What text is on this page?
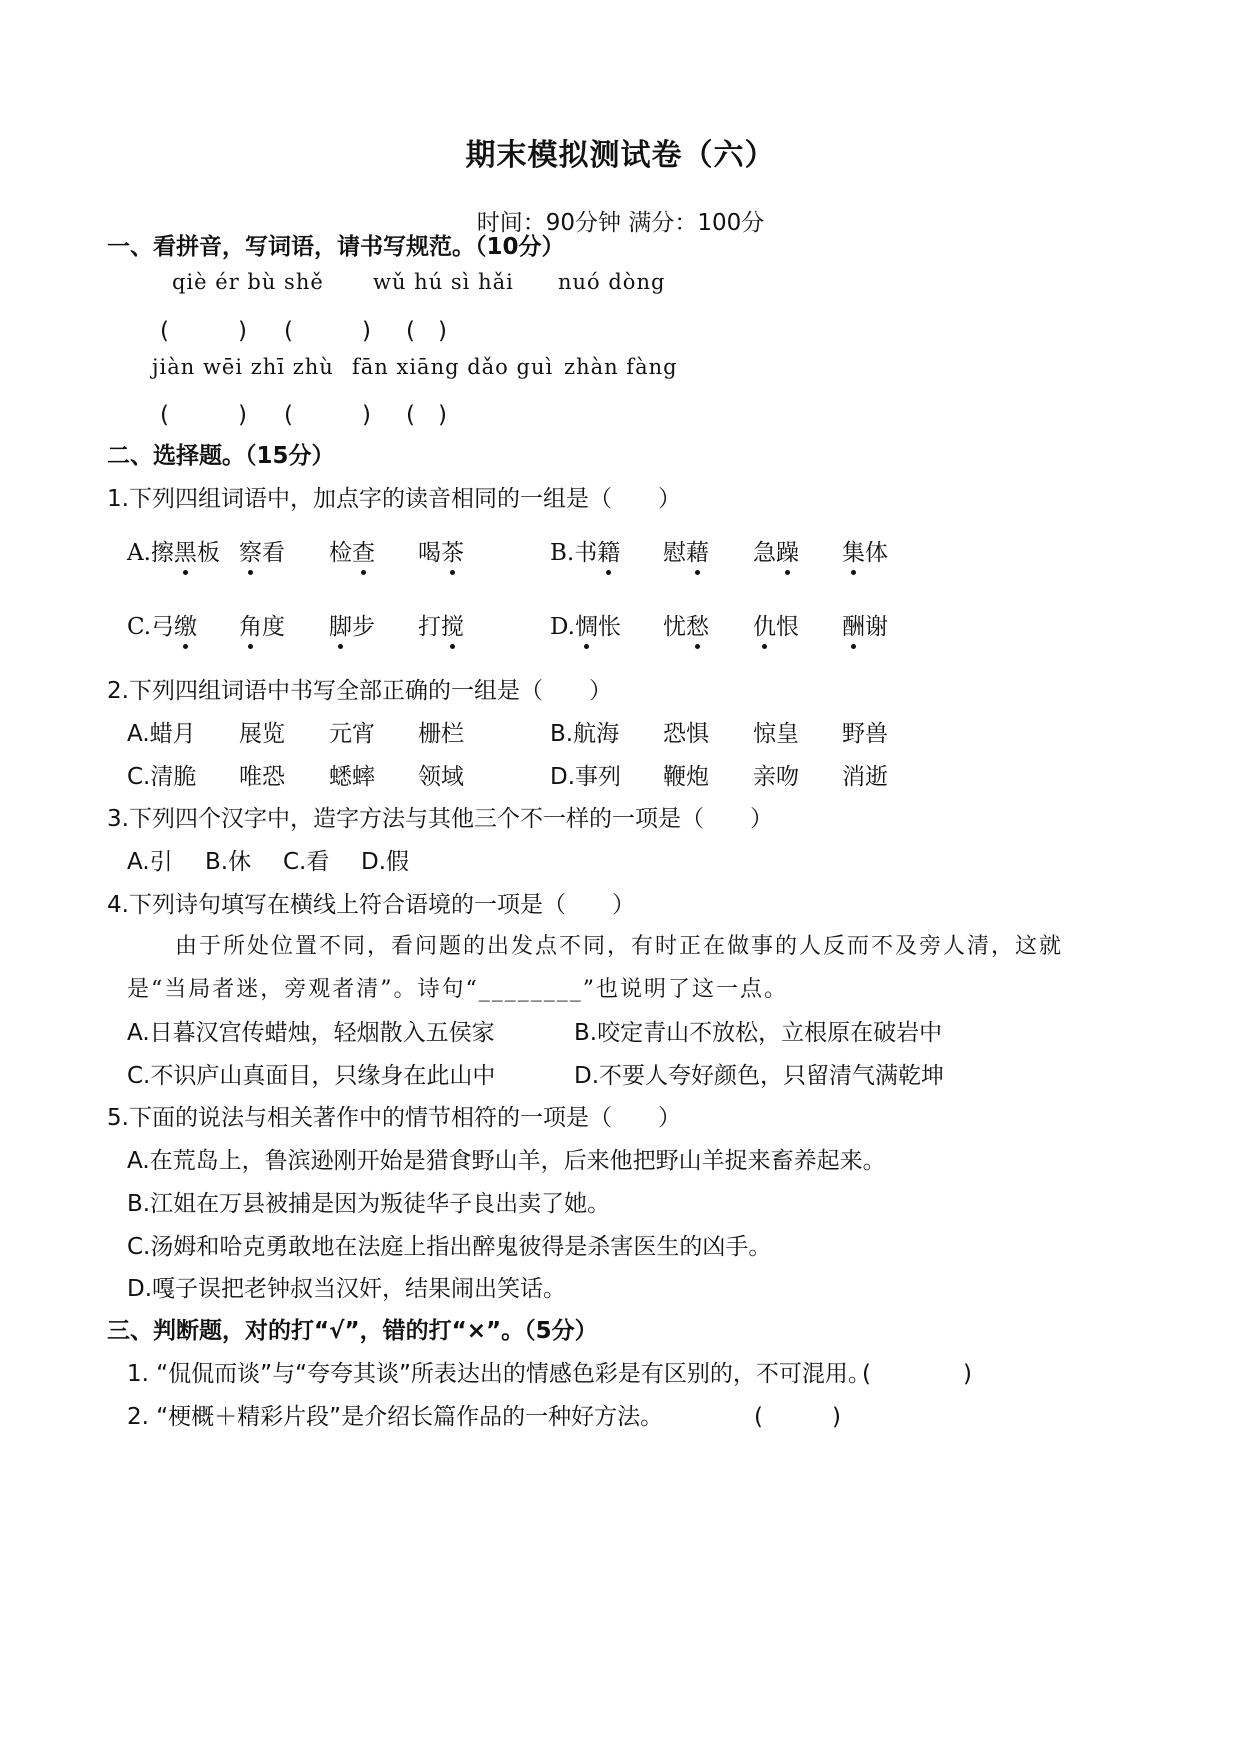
期末模拟测试卷（六）
时间：90分钟 满分：100分
一、看拼音，写词语，请书写规范。（10分）
qiè ér bù shě wǔ hú sì hǎi nuó dòng
(　　　) (　　　) (　)
jiàn wēi zhī zhù fān xiāng dǎo guì zhàn fàng
(　　　) (　　　) (　)
二、选择题。（15分）
1.下列四组词语中，加点字的读音相同的一组是（　　）
A.擦黑板 察看 检查 喝茶	B.书籍 慰藉 急躁 集体
C.弓缴 角度 脚步 打搅	D.惆怅 忧愁 仇恨 酬谢
2.下列四组词语中书写全部正确的一组是（　　）
A.蜡月 展览 元宵 栅栏	B.航海 恐惧 惊皇 野兽
C.清脆 唯恐 蟋蟀 领域	D.事列 鞭炮 亲吻 消逝
3.下列四个汉字中，造字方法与其他三个不一样的一项是（　　）
A.引 B.休 C.看 D.假
4.下列诗句填写在横线上符合语境的一项是（　　）
由于所处位置不同，看问题的出发点不同，有时正在做事的人反而不及旁人清，这就
是“当局者迷，旁观者清”。诗句“________”也说明了这一点。
A.日暮汉宫传蜡烛，轻烟散入五侯家	B.咬定青山不放松，立根原在破岩中
C.不识庐山真面目，只缘身在此山中	D.不要人夸好颜色，只留清气满乾坤
5.下面的说法与相关著作中的情节相符的一项是（　　）
A.在荒岛上，鲁滨逊刚开始是猎食野山羊，后来他把野山羊捉来畜养起来。
B.江姐在万县被捕是因为叛徒华子良出卖了她。
C.汤姆和哈克勇敢地在法庭上指出醉鬼彼得是杀害医生的凶手。
D.嘎子误把老钟叔当汉奸，结果闹出笑话。
三、判断题，对的打“√”，错的打“×”。（5分）
1. “侃侃而谈”与“夸夸其谈”所表达出的情感色彩是有区别的，不可混用。
(　　　　)
2. “梗概＋精彩片段”是介绍长篇作品的一种好方法。	(　　　)
